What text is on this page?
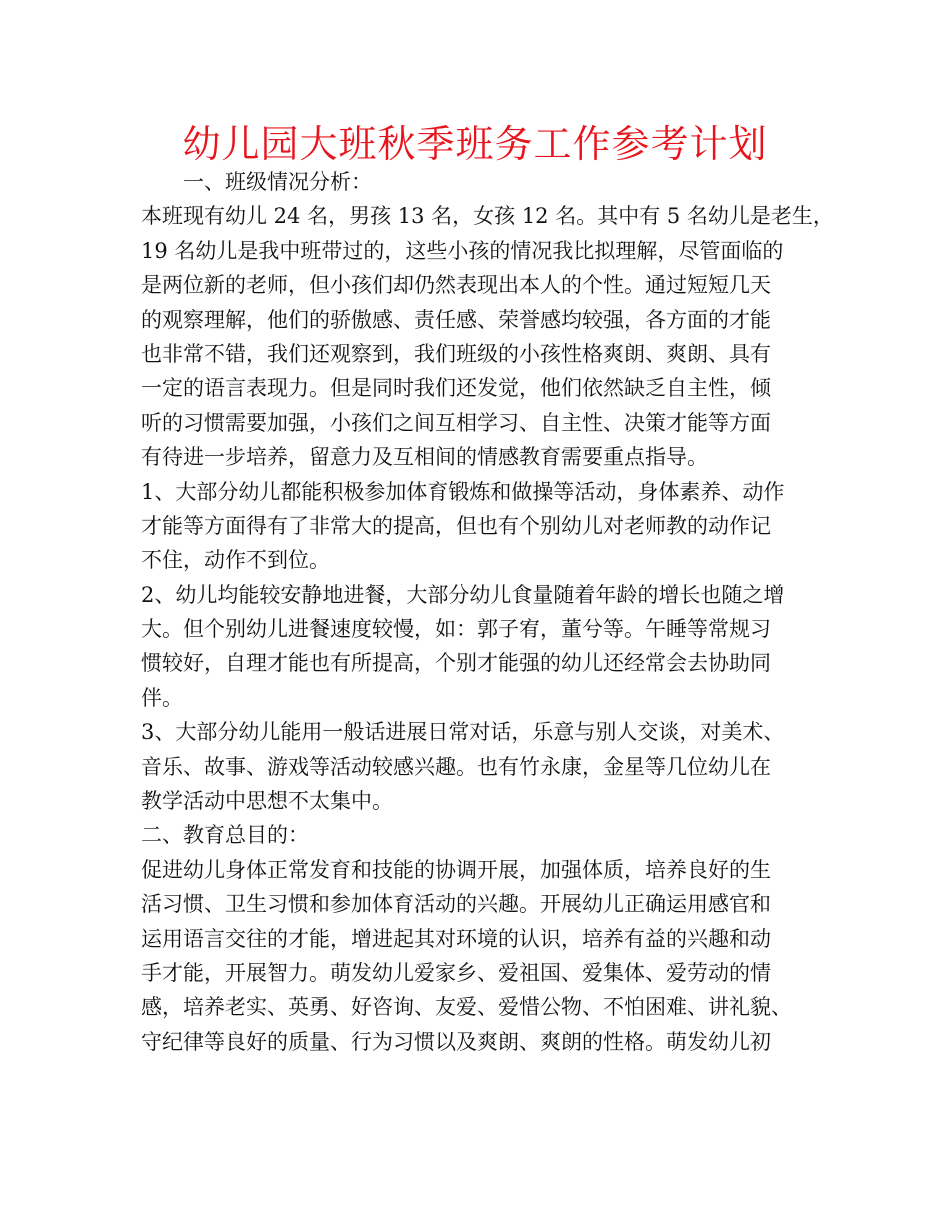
幼儿园大班秋季班务工作参考计划
一、班级情况分析：
本班现有幼儿 24 名，男孩 13 名，女孩 12 名。其中有 5 名幼儿是老生，
19 名幼儿是我中班带过的，这些小孩的情况我比拟理解，尽管面临的
是两位新的老师，但小孩们却仍然表现出本人的个性。通过短短几天
的观察理解，他们的骄傲感、责任感、荣誉感均较强，各方面的才能
也非常不错，我们还观察到，我们班级的小孩性格爽朗、爽朗、具有
一定的语言表现力。但是同时我们还发觉，他们依然缺乏自主性，倾
听的习惯需要加强，小孩们之间互相学习、自主性、决策才能等方面
有待进一步培养，留意力及互相间的情感教育需要重点指导。
1、大部分幼儿都能积极参加体育锻炼和做操等活动，身体素养、动作
才能等方面得有了非常大的提高，但也有个别幼儿对老师教的动作记
不住，动作不到位。
2、幼儿均能较安静地进餐，大部分幼儿食量随着年龄的增长也随之增
大。但个别幼儿进餐速度较慢，如：郭子宥，董兮等。午睡等常规习
惯较好，自理才能也有所提高，个别才能强的幼儿还经常会去协助同
伴。
3、大部分幼儿能用一般话进展日常对话，乐意与别人交谈，对美术、
音乐、故事、游戏等活动较感兴趣。也有竹永康，金星等几位幼儿在
教学活动中思想不太集中。
二、教育总目的：
促进幼儿身体正常发育和技能的协调开展，加强体质，培养良好的生
活习惯、卫生习惯和参加体育活动的兴趣。开展幼儿正确运用感官和
运用语言交往的才能，增进起其对环境的认识，培养有益的兴趣和动
手才能，开展智力。萌发幼儿爱家乡、爱祖国、爱集体、爱劳动的情
感，培养老实、英勇、好咨询、友爱、爱惜公物、不怕困难、讲礼貌、
守纪律等良好的质量、行为习惯以及爽朗、爽朗的性格。萌发幼儿初
